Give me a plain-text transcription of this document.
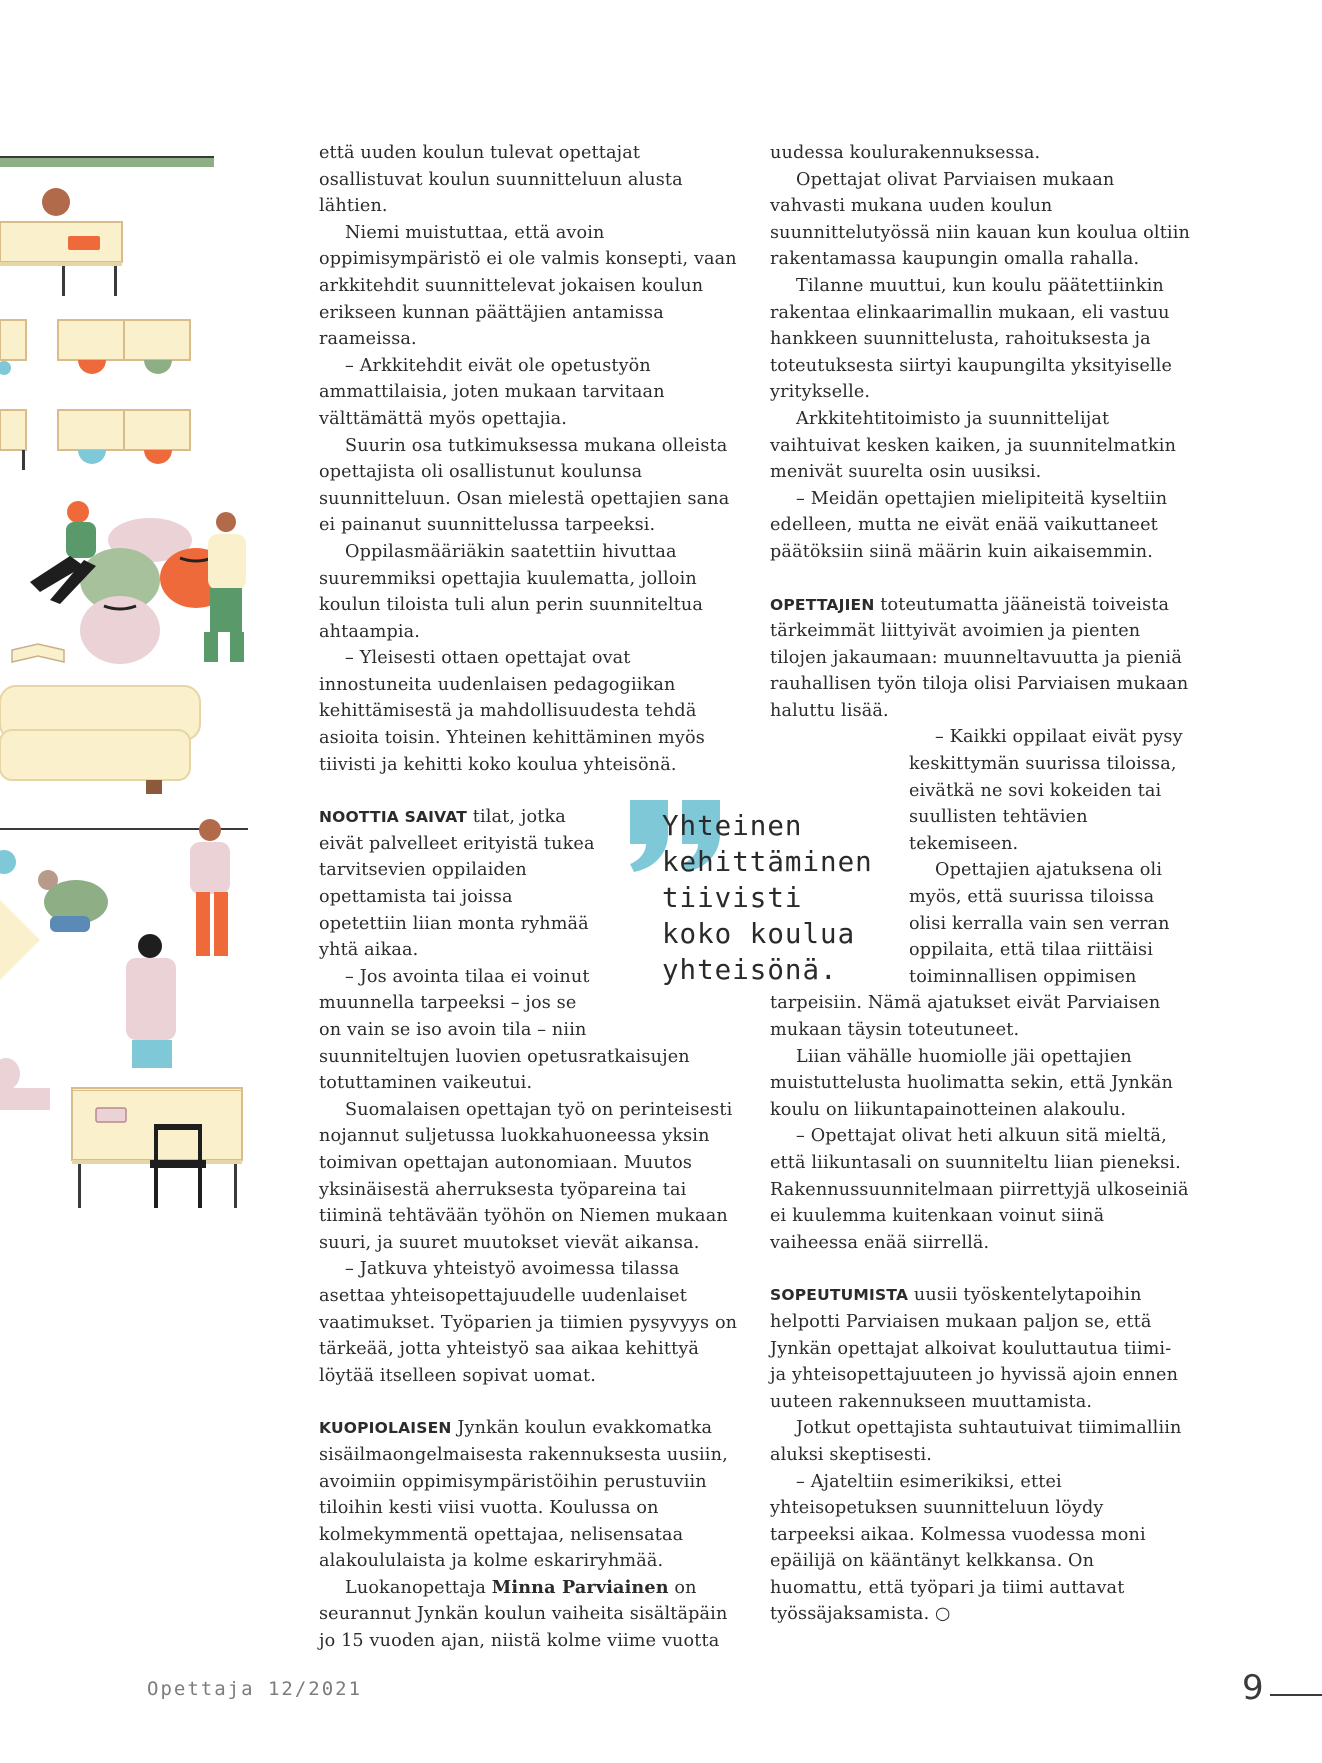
että uuden koulun tulevat opettajat osallistuvat koulun suunnitteluun alusta lähtien.

Niemi muistuttaa, että avoin oppimisympäristö ei ole valmis konsepti, vaan arkkitehdit suunnittelevat jokaisen koulun erikseen kunnan päättäjien antamissa raameissa.

– Arkkitehdit eivät ole opetustyön ammattilaisia, joten mukaan tarvitaan välttämättä myös opettajia.

Suurin osa tutkimuksessa mukana olleista opettajista oli osallistunut koulunsa suunnitteluun. Osan mielestä opettajien sana ei painanut suunnittelussa tarpeeksi.

Oppilasmääriäkin saatettiin hivuttaa suuremmiksi opettajia kuulematta, jolloin koulun tiloista tuli alun perin suunniteltua ahtaampia.

– Yleisesti ottaen opettajat ovat innostuneita uudenlaisen pedagogiikan kehittämisestä ja mahdollisuudesta tehdä asioita toisin. Yhteinen kehittäminen myös tiivisti ja kehitti koko koulua yhteisönä.

NOOTTIA SAIVAT tilat, jotka eivät palvelleet erityistä tukea tarvitsevien oppilaiden opettamista tai joissa opetettiin liian monta ryhmää yhtä aikaa.

– Jos avointa tilaa ei voinut muunnella tarpeeksi – jos se on vain se iso avoin tila – niin suunniteltujen luovien opetusratkaisujen totuttaminen vaikeutui.

Suomalaisen opettajan työ on perinteisesti nojannut suljetussa luokkahuoneessa yksin toimivan opettajan autonomiaan. Muutos yksinäisestä aherruksesta työpareina tai tiiminä tehtävään työhön on Niemen mukaan suuri, ja suuret muutokset vievät aikansa.

– Jatkuva yhteistyö avoimessa tilassa asettaa yhteisopettajuudelle uudenlaiset vaatimukset. Työparien ja tiimien pysyvyys on tärkeää, jotta yhteistyö saa aikaa kehittyä löytää itselleen sopivat uomat.

KUOPIOLAISEN Jynkän koulun evakkomatka sisäilmaongelmaisesta rakennuksesta uusiin, avoimiin oppimisympäristöihin perustuviin tiloihin kesti viisi vuotta. Koulussa on kolmekymmentä opettajaa, nelisensataa alakoululaista ja kolme eskariryhmää.

Luokanopettaja Minna Parviainen on seurannut Jynkän koulun vaiheita sisältäpäin jo 15 vuoden ajan, niistä kolme viime vuotta

uudessa koulurakennuksessa.

Opettajat olivat Parviaisen mukaan vahvasti mukana uuden koulun suunnittelutyössä niin kauan kun koulua oltiin rakentamassa kaupungin omalla rahalla.

Tilanne muuttui, kun koulu päätettiinkin rakentaa elinkaarimallin mukaan, eli vastuu hankkeen suunnittelusta, rahoituksesta ja toteutuksesta siirtyi kaupungilta yksityiselle yritykselle.

Arkkitehtitoimisto ja suunnittelijat vaihtuivat kesken kaiken, ja suunnitelmatkin menivät suurelta osin uusiksi.

– Meidän opettajien mielipiteitä kyseltiin edelleen, mutta ne eivät enää vaikuttaneet päätöksiin siinä määrin kuin aikaisemmin.

OPETTAJIEN toteutumatta jääneistä toiveista tärkeimmät liittyivät avoimien ja pienten tilojen jakaumaan: muunneltavuutta ja pieniä rauhallisen työn tiloja olisi Parviaisen mukaan haluttu lisää.

– Kaikki oppilaat eivät pysy keskittymän suurissa tiloissa, eivätkä ne sovi kokeiden tai suullisten tehtävien tekemiseen.

Opettajien ajatuksena oli myös, että suurissa tiloissa olisi kerralla vain sen verran oppilaita, että tilaa riittäisi toiminnallisen oppimisen tarpeisiin. Nämä ajatukset eivät Parviaisen mukaan täysin toteutuneet.

Liian vähälle huomiolle jäi opettajien muistuttelusta huolimatta sekin, että Jynkän koulu on liikuntapainotteinen alakoulu.

– Opettajat olivat heti alkuun sitä mieltä, että liikuntasali on suunniteltu liian pieneksi. Rakennussuunnitelmaan piirrettyjä ulkoseiniä ei kuulemma kuitenkaan voinut siinä vaiheessa enää siirrellä.

SOPEUTUMISTA uusii työskentelytapoihin helpotti Parviaisen mukaan paljon se, että Jynkän opettajat alkoivat kouluttautua tiimi- ja yhteisopettajuuteen jo hyvissä ajoin ennen uuteen rakennukseen muuttamista.

Jotkut opettajista suhtautuivat tiimimalliin aluksi skeptisesti.

– Ajateltiin esimerikiksi, ettei yhteisopetuksen suunnitteluun löydy tarpeeksi aikaa. Kolmessa vuodessa moni epäilijä on kääntänyt kelkkansa. On huomattu, että työpari ja tiimi auttavat työssäjaksamista. ○

Yhteinen
kehittäminen
tiivisti
koko koulua
yhteisönä.

Opettaja 12/2021	9
